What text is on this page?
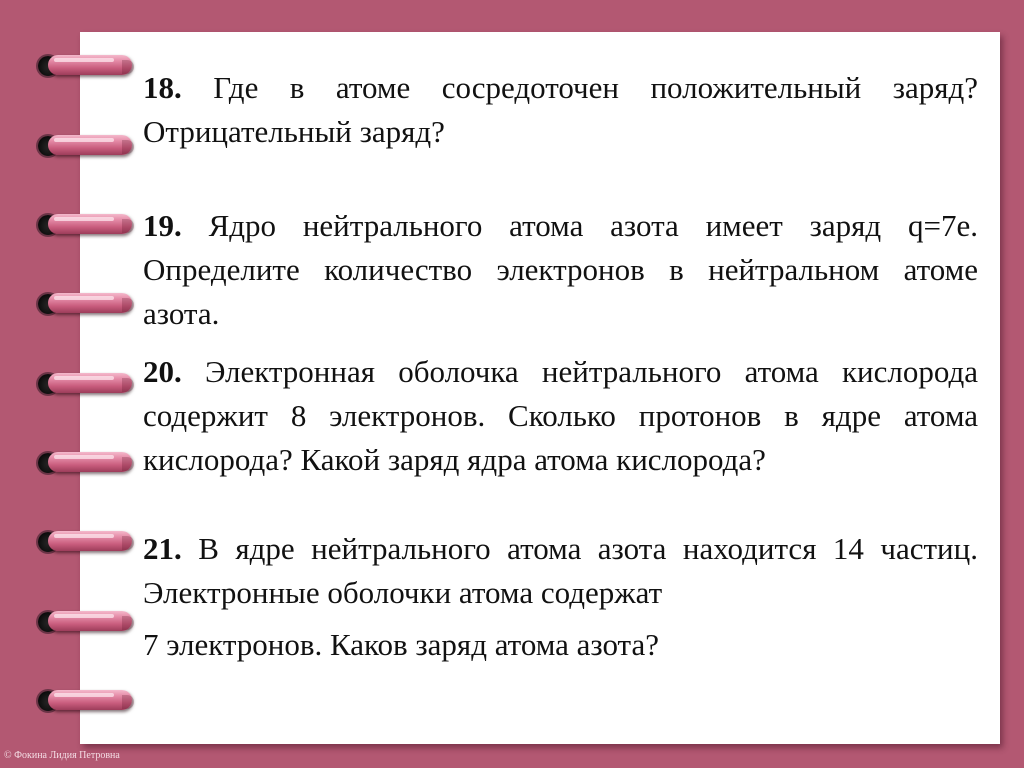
18. Где в атоме сосредоточен положительный заряд? Отрицательный заряд?

19. Ядро нейтрального атома азота имеет заряд q=7e. Определите количество электронов в нейтральном атоме азота.

20. Электронная оболочка нейтрального атома кислорода содержит 8 электронов. Сколько протонов в ядре атома кислорода? Какой заряд ядра атома кислорода?

21. В ядре нейтрального атома азота находится 14 частиц. Электронные оболочки атома содержат

7 электронов. Каков заряд атома азота?

© Фокина Лидия Петровна
